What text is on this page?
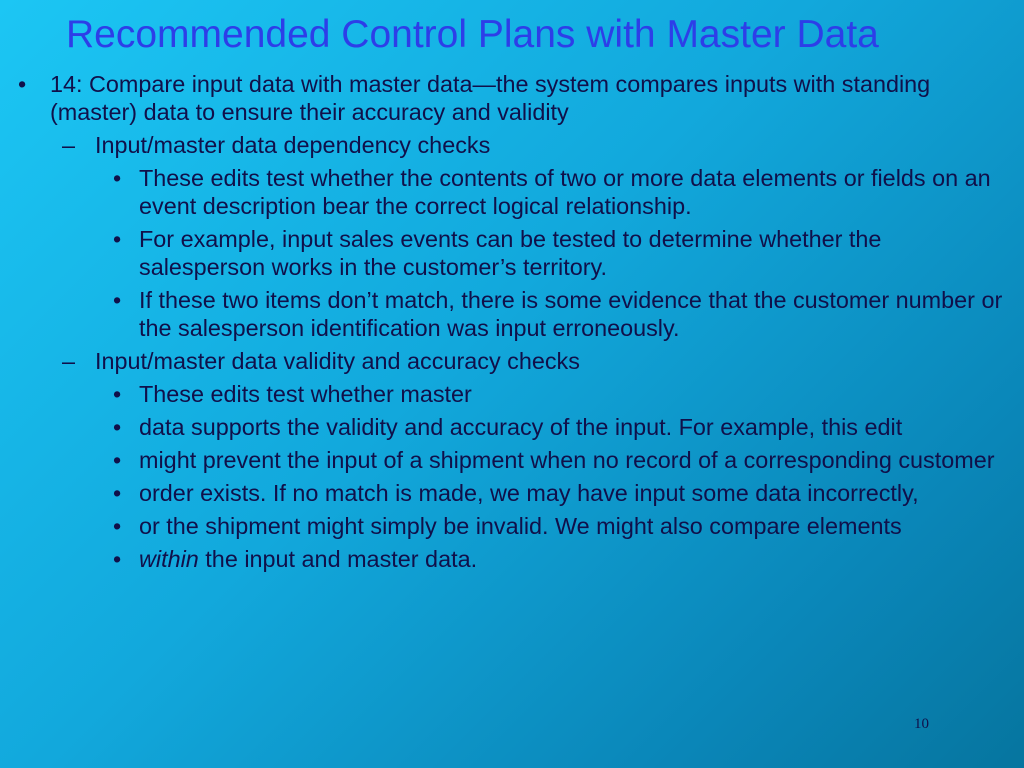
Recommended Control Plans with Master Data
• 14: Compare input data with master data—the system compares inputs with standing (master) data to ensure their accuracy and validity
– Input/master data dependency checks
• These edits test whether the contents of two or more data elements or fields on an event description bear the correct logical relationship.
• For example, input sales events can be tested to determine whether the salesperson works in the customer’s territory.
• If these two items don’t match, there is some evidence that the customer number or the salesperson identification was input erroneously.
– Input/master data validity and accuracy checks
• These edits test whether master
• data supports the validity and accuracy of the input. For example, this edit
• might prevent the input of a shipment when no record of a corresponding customer
• order exists. If no match is made, we may have input some data incorrectly,
• or the shipment might simply be invalid. We might also compare elements
• within the input and master data.
10
